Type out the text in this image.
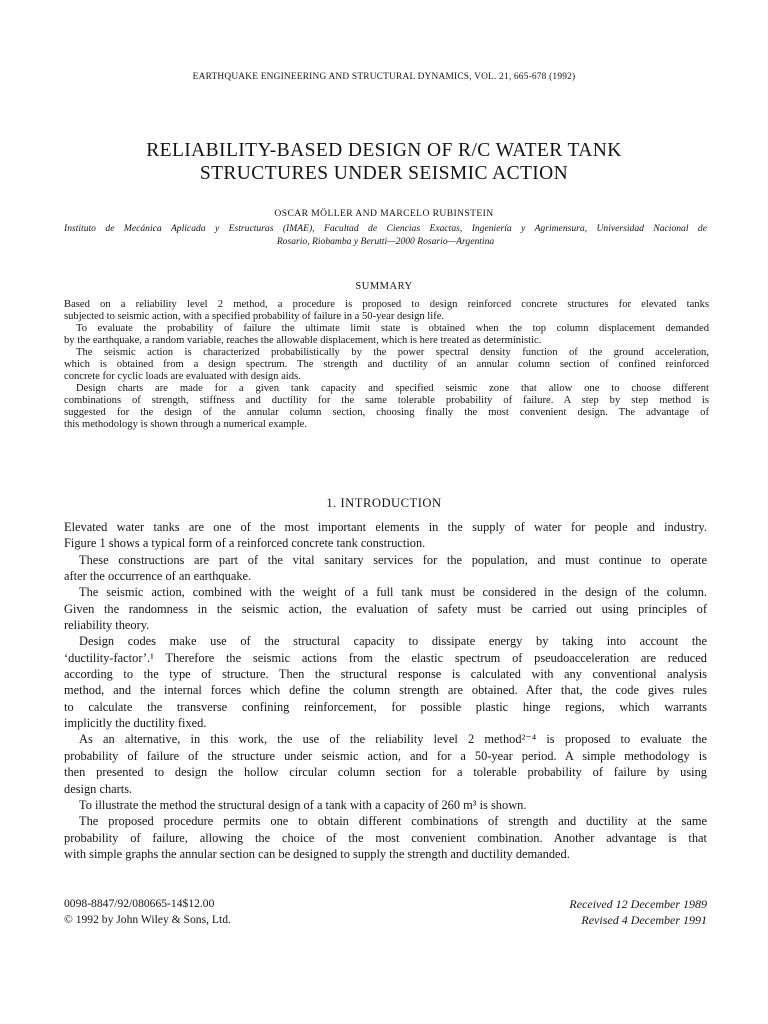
EARTHQUAKE ENGINEERING AND STRUCTURAL DYNAMICS, VOL. 21, 665-678 (1992)
RELIABILITY-BASED DESIGN OF R/C WATER TANK
STRUCTURES UNDER SEISMIC ACTION
OSCAR MÖLLER AND MARCELO RUBINSTEIN
Instituto de Mecánica Aplicada y Estructuras (IMAE), Facultad de Ciencias Exactas, Ingeniería y Agrimensura, Universidad Nacional de
Rosario, Riobamba y Berutti—2000 Rosario—Argentina
SUMMARY
Based on a reliability level 2 method, a procedure is proposed to design reinforced concrete structures for elevated tanks
subjected to seismic action, with a specified probability of failure in a 50-year design life.
To evaluate the probability of failure the ultimate limit state is obtained when the top column displacement demanded
by the earthquake, a random variable, reaches the allowable displacement, which is here treated as deterministic.
The seismic action is characterized probabilistically by the power spectral density function of the ground acceleration,
which is obtained from a design spectrum. The strength and ductility of an annular column section of confined reinforced
concrete for cyclic loads are evaluated with design aids.
Design charts are made for a given tank capacity and specified seismic zone that allow one to choose different
combinations of strength, stiffness and ductility for the same tolerable probability of failure. A step by step method is
suggested for the design of the annular column section, choosing finally the most convenient design. The advantage of
this methodology is shown through a numerical example.
1. INTRODUCTION
Elevated water tanks are one of the most important elements in the supply of water for people and industry.
Figure 1 shows a typical form of a reinforced concrete tank construction.
These constructions are part of the vital sanitary services for the population, and must continue to operate
after the occurrence of an earthquake.
The seismic action, combined with the weight of a full tank must be considered in the design of the column.
Given the randomness in the seismic action, the evaluation of safety must be carried out using principles of
reliability theory.
Design codes make use of the structural capacity to dissipate energy by taking into account the
‘ductility-factor’.¹ Therefore the seismic actions from the elastic spectrum of pseudoacceleration are reduced
according to the type of structure. Then the structural response is calculated with any conventional analysis
method, and the internal forces which define the column strength are obtained. After that, the code gives rules
to calculate the transverse confining reinforcement, for possible plastic hinge regions, which warrants
implicitly the ductility fixed.
As an alternative, in this work, the use of the reliability level 2 method²⁻⁴ is proposed to evaluate the
probability of failure of the structure under seismic action, and for a 50-year period. A simple methodology is
then presented to design the hollow circular column section for a tolerable probability of failure by using
design charts.
To illustrate the method the structural design of a tank with a capacity of 260 m³ is shown.
The proposed procedure permits one to obtain different combinations of strength and ductility at the same
probability of failure, allowing the choice of the most convenient combination. Another advantage is that
with simple graphs the annular section can be designed to supply the strength and ductility demanded.
0098-8847/92/080665-14$12.00
© 1992 by John Wiley & Sons, Ltd.
Received 12 December 1989
Revised 4 December 1991
